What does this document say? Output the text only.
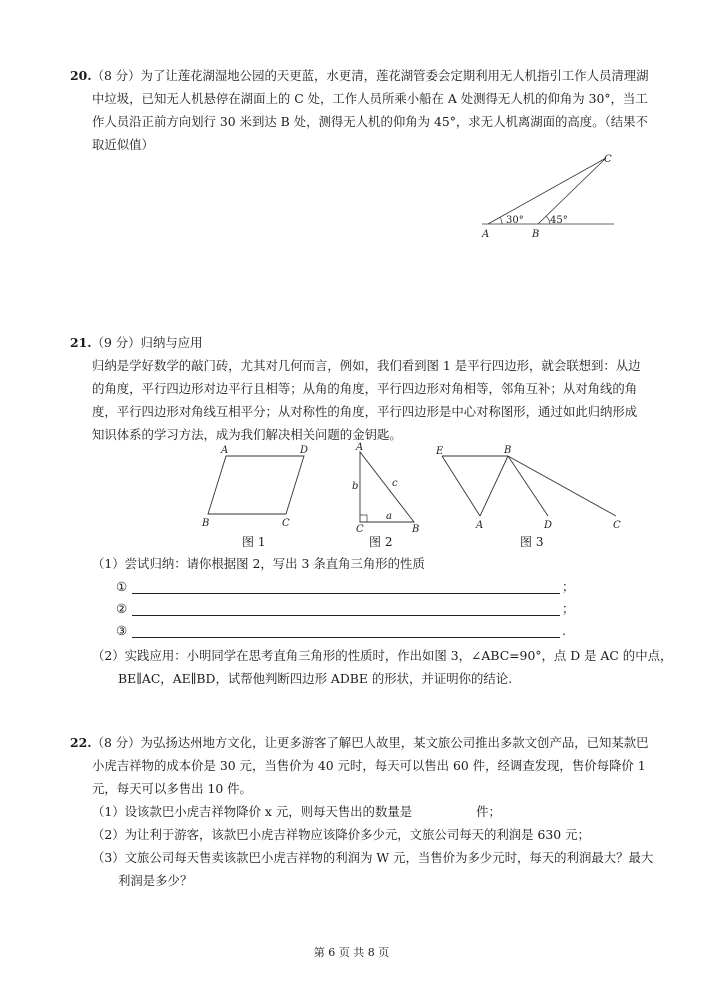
20.（8 分）为了让莲花湖湿地公园的天更蓝，水更清，莲花湖管委会定期利用无人机指引工作人员清理湖
中垃圾，已知无人机悬停在湖面上的 C 处，工作人员所乘小船在 A 处测得无人机的仰角为 30°，当工
作人员沿正前方向划行 30 米到达 B 处，测得无人机的仰角为 45°，求无人机离湖面的高度。（结果不
取近似值）
A	B
C
30°	45°
21.（9 分）归纳与应用
归纳是学好数学的敲门砖，尤其对几何而言，例如，我们看到图 1 是平行四边形，就会联想到：从边
的角度，平行四边形对边平行且相等；从角的角度，平行四边形对角相等，邻角互补；从对角线的角
度，平行四边形对角线互相平分；从对称性的角度，平行四边形是中心对称图形，通过如此归纳形成
知识体系的学习方法，成为我们解决相关问题的金钥匙。
A	D
B	C
图 1
A
C	B
b	c
a
图 2
E	B
A	D	C
图 3
（1）尝试归纳：请你根据图 2，写出 3 条直角三角形的性质
①	；
②	；
③	.
（2）实践应用：小明同学在思考直角三角形的性质时，作出如图 3，∠ABC=90°，点 D 是 AC 的中点，
BE∥AC，AE∥BD，试帮他判断四边形 ADBE 的形状，并证明你的结论.
22.（8 分）为弘扬达州地方文化，让更多游客了解巴人故里，某文旅公司推出多款文创产品，已知某款巴
小虎吉祥物的成本价是 30 元，当售价为 40 元时，每天可以售出 60 件，经调查发现，售价每降价 1
元，每天可以多售出 10 件。
（1）设该款巴小虎吉祥物降价 x 元，则每天售出的数量是	件；
（2）为让利于游客，该款巴小虎吉祥物应该降价多少元，文旅公司每天的利润是 630 元；
（3）文旅公司每天售卖该款巴小虎吉祥物的利润为 W 元，当售价为多少元时，每天的利润最大？最大
利润是多少？
第 6 页 共 8 页
